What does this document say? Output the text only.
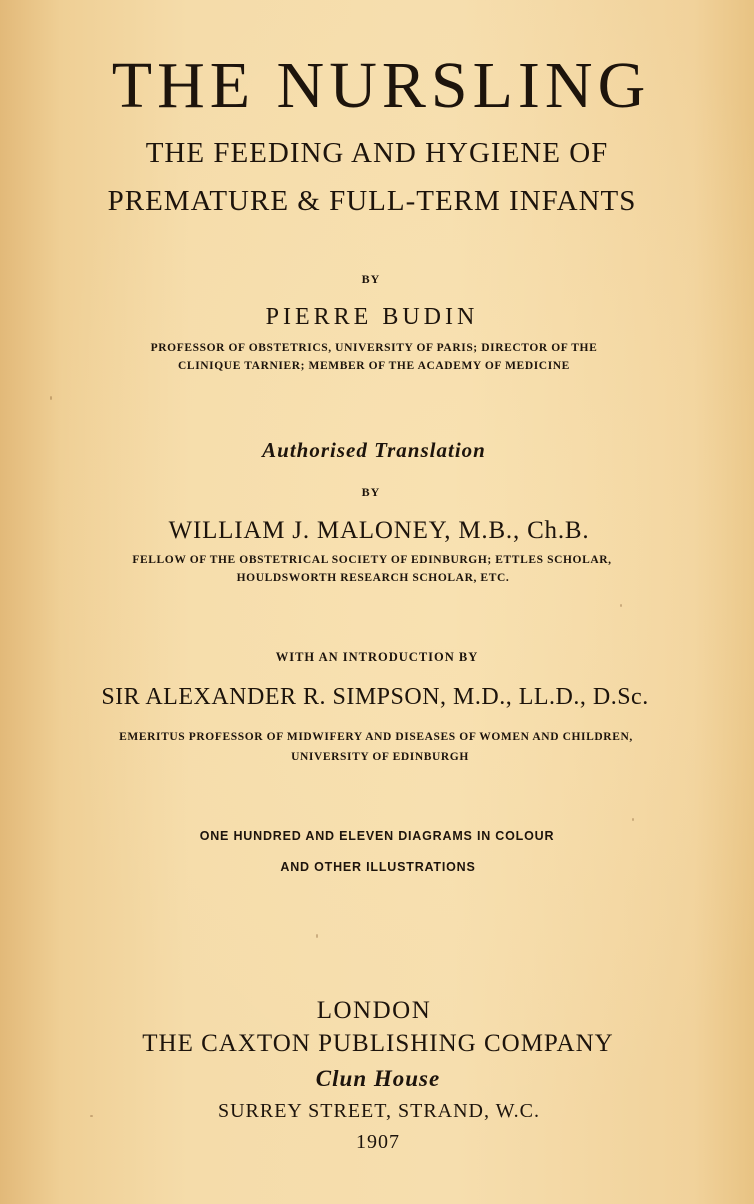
THE NURSLING

THE FEEDING AND HYGIENE OF

PREMATURE & FULL-TERM INFANTS

BY

PIERRE BUDIN

PROFESSOR OF OBSTETRICS, UNIVERSITY OF PARIS; DIRECTOR OF THE

CLINIQUE TARNIER; MEMBER OF THE ACADEMY OF MEDICINE

Authorised Translation

BY

WILLIAM J. MALONEY, M.B., Ch.B.

FELLOW OF THE OBSTETRICAL SOCIETY OF EDINBURGH; ETTLES SCHOLAR,

HOULDSWORTH RESEARCH SCHOLAR, ETC.

WITH AN INTRODUCTION BY

SIR ALEXANDER R. SIMPSON, M.D., LL.D., D.Sc.

EMERITUS PROFESSOR OF MIDWIFERY AND DISEASES OF WOMEN AND CHILDREN,

UNIVERSITY OF EDINBURGH

ONE HUNDRED AND ELEVEN DIAGRAMS IN COLOUR

AND OTHER ILLUSTRATIONS

LONDON

THE CAXTON PUBLISHING COMPANY

Clun House

SURREY STREET, STRAND, W.C.

1907
